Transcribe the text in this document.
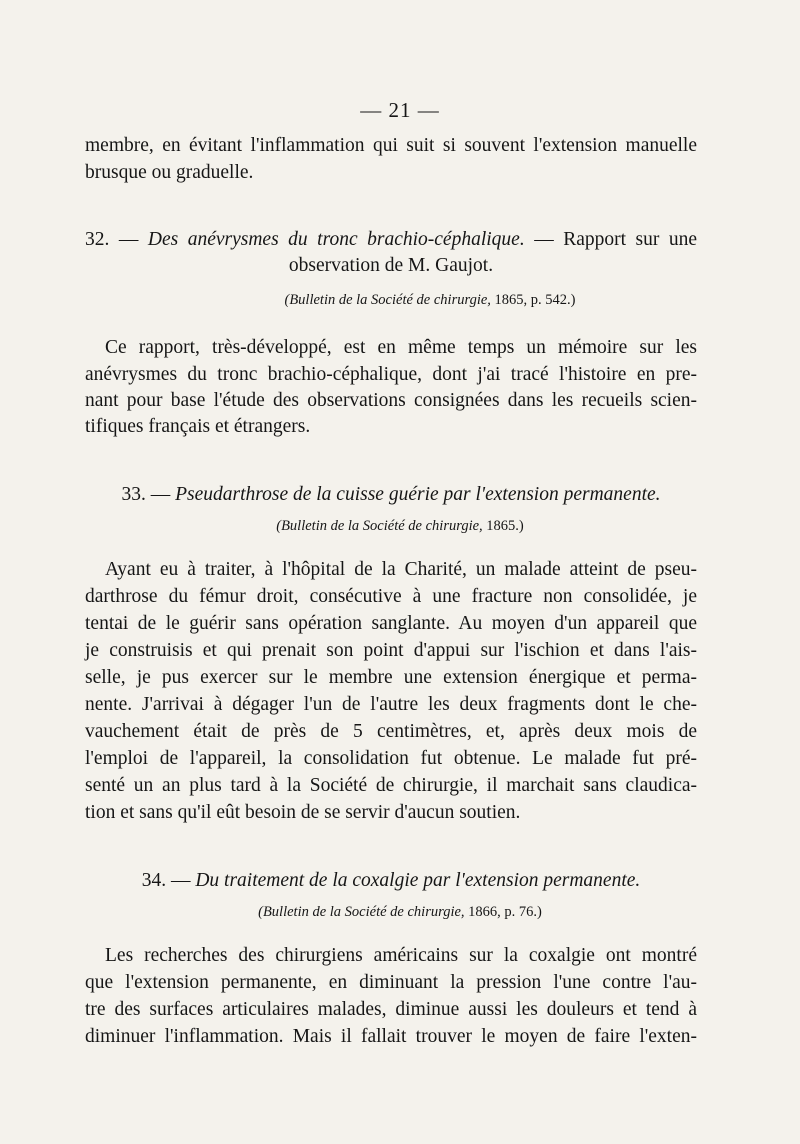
— 21 —
membre, en évitant l'inflammation qui suit si souvent l'extension manuelle
brusque ou graduelle.
32. — Des anévrysmes du tronc brachio-céphalique. — Rapport sur une
observation de M. Gaujot.
(Bulletin de la Société de chirurgie, 1865, p. 542.)
Ce rapport, très-développé, est en même temps un mémoire sur les
anévrysmes du tronc brachio-céphalique, dont j'ai tracé l'histoire en pre-
nant pour base l'étude des observations consignées dans les recueils scien-
tifiques français et étrangers.
33. — Pseudarthrose de la cuisse guérie par l'extension permanente.
(Bulletin de la Société de chirurgie, 1865.)
Ayant eu à traiter, à l'hôpital de la Charité, un malade atteint de pseu-
darthrose du fémur droit, consécutive à une fracture non consolidée, je
tentai de le guérir sans opération sanglante. Au moyen d'un appareil que
je construisis et qui prenait son point d'appui sur l'ischion et dans l'ais-
selle, je pus exercer sur le membre une extension énergique et perma-
nente. J'arrivai à dégager l'un de l'autre les deux fragments dont le che-
vauchement était de près de 5 centimètres, et, après deux mois de
l'emploi de l'appareil, la consolidation fut obtenue. Le malade fut pré-
senté un an plus tard à la Société de chirurgie, il marchait sans claudica-
tion et sans qu'il eût besoin de se servir d'aucun soutien.
34. — Du traitement de la coxalgie par l'extension permanente.
(Bulletin de la Société de chirurgie, 1866, p. 76.)
Les recherches des chirurgiens américains sur la coxalgie ont montré
que l'extension permanente, en diminuant la pression l'une contre l'au-
tre des surfaces articulaires malades, diminue aussi les douleurs et tend à
diminuer l'inflammation. Mais il fallait trouver le moyen de faire l'exten-
